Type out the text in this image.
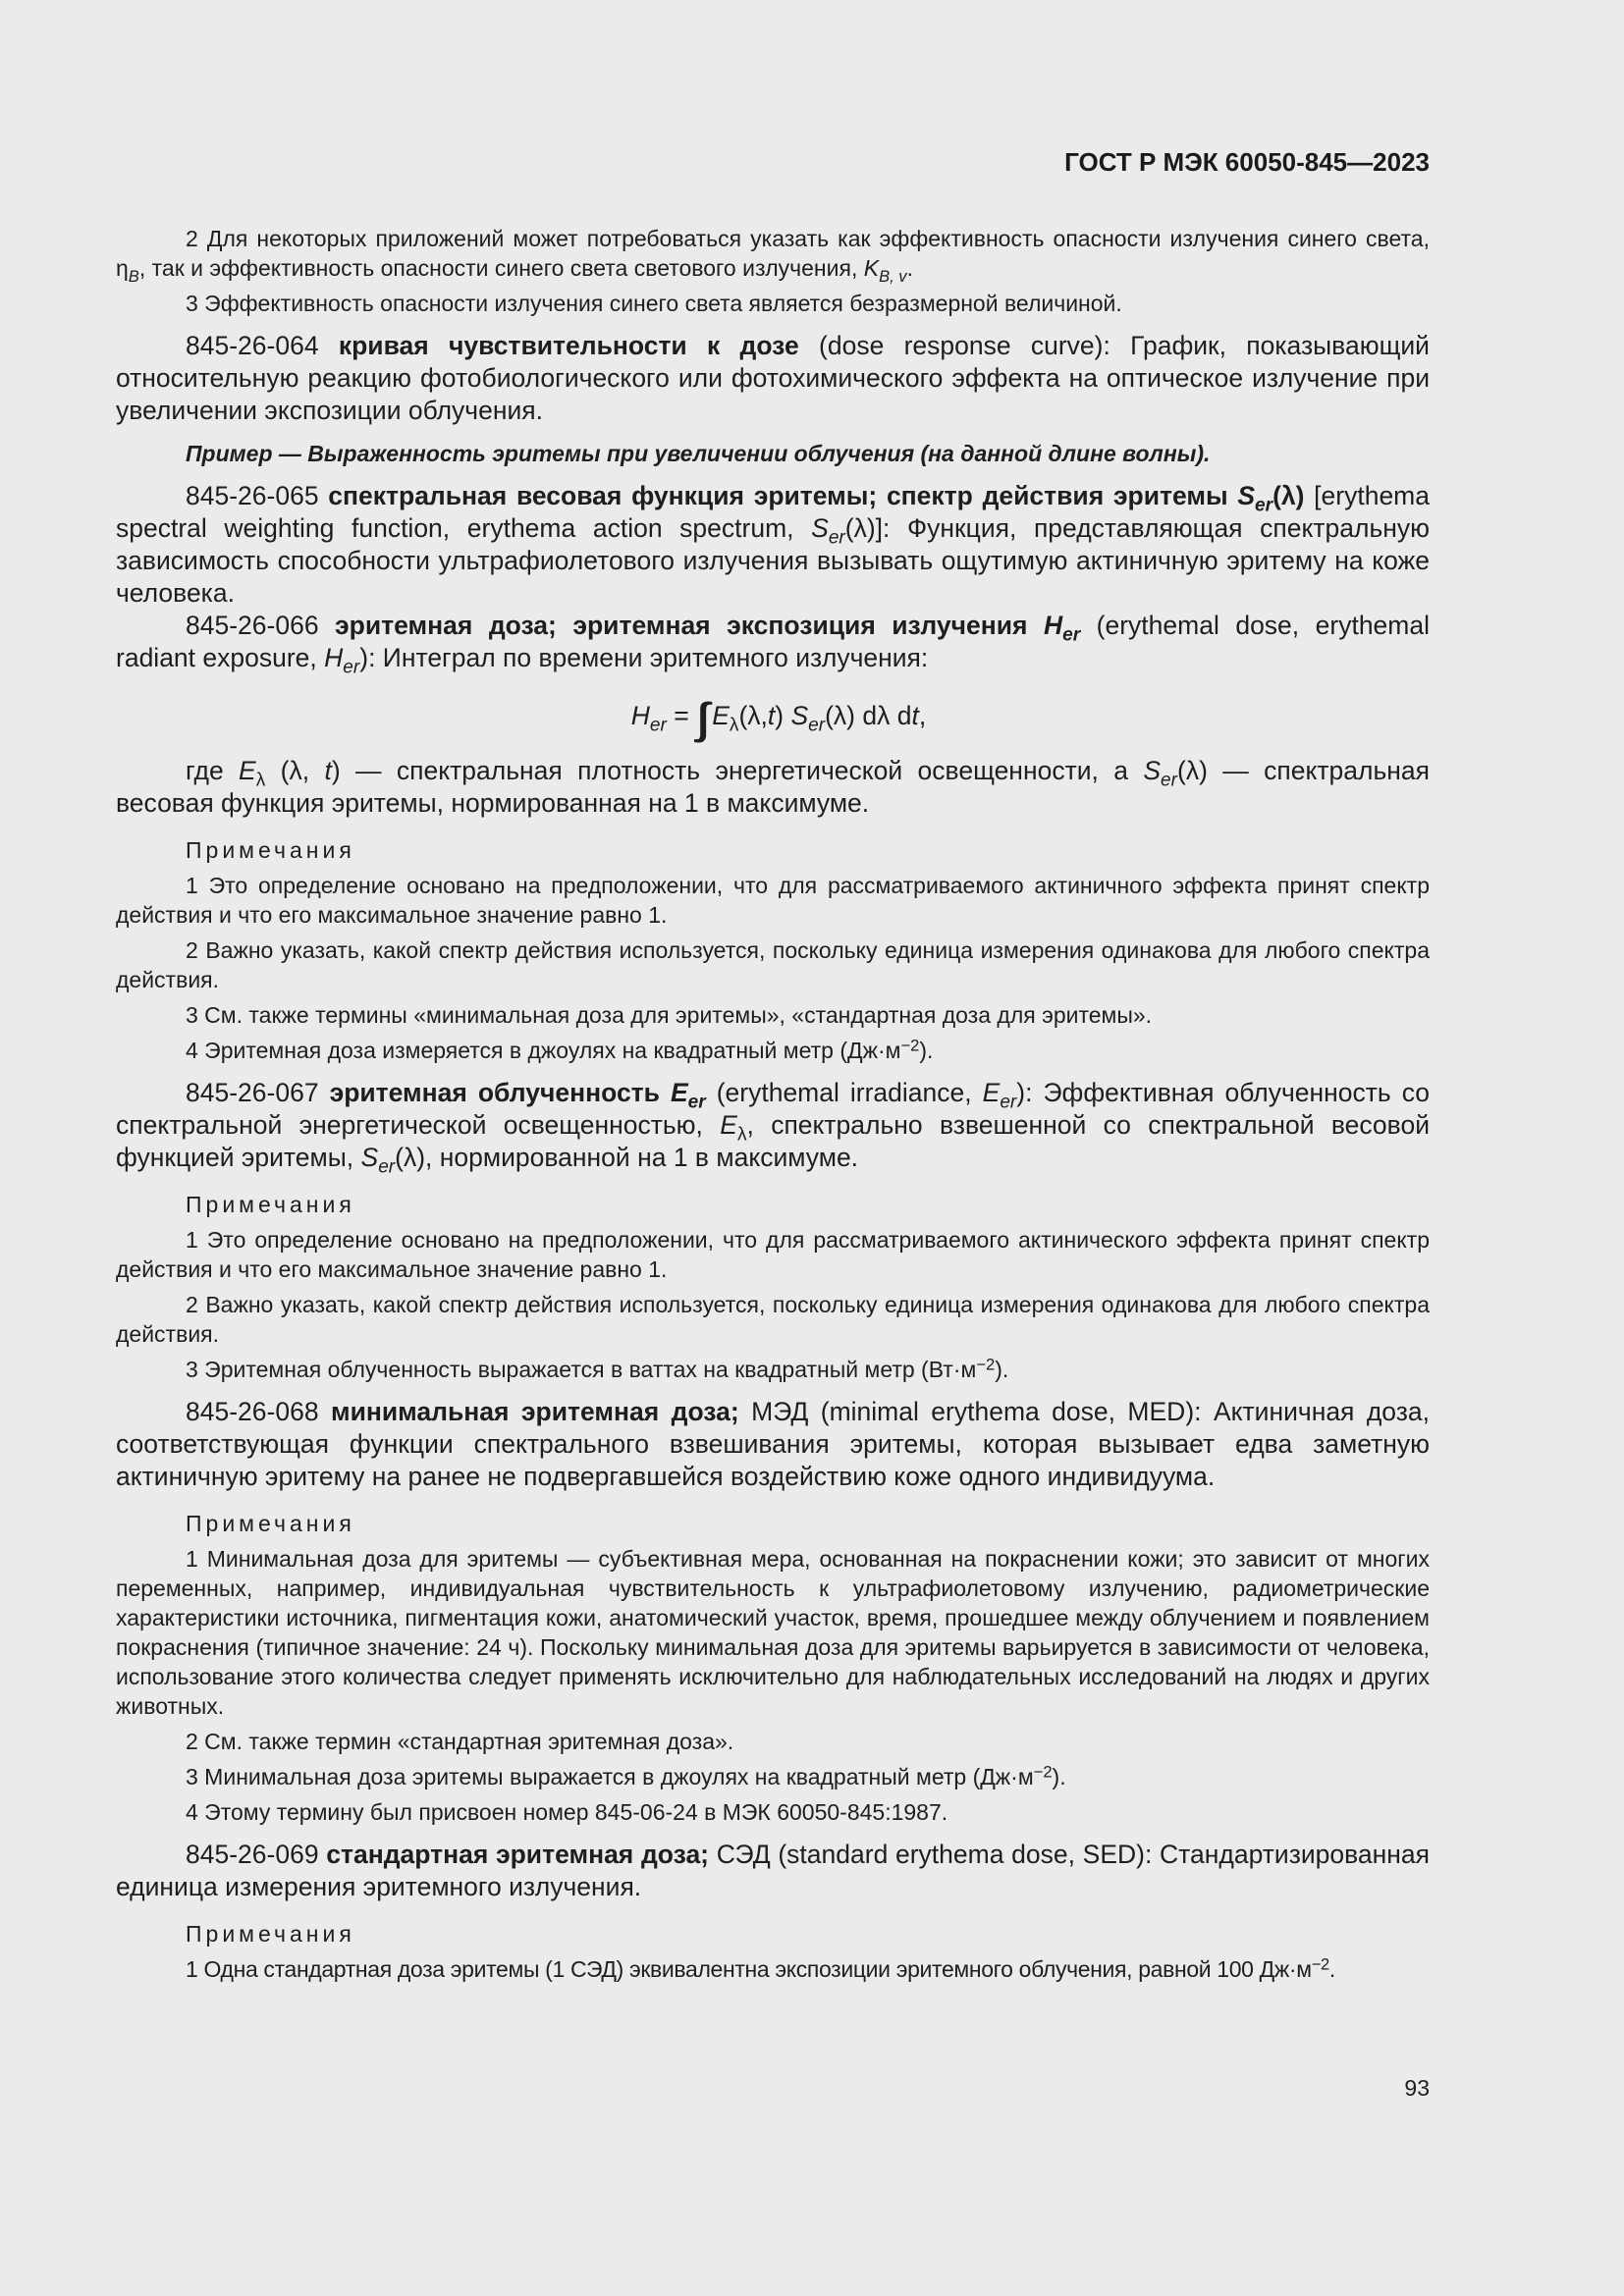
ГОСТ Р МЭК 60050-845—2023

2 Для некоторых приложений может потребоваться указать как эффективность опасности излучения синего света, $\eta_B$, так и эффективность опасности синего света светового излучения, $K_{B, v}$.

3 Эффективность опасности излучения синего света является безразмерной величиной.

845-26-064 кривая чувствительности к дозе (dose response curve): График, показывающий относительную реакцию фотобиологического или фотохимического эффекта на оптическое излучение при увеличении экспозиции облучения.

Пример — Выраженность эритемы при увеличении облучения (на данной длине волны).

845-26-065 спектральная весовая функция эритемы; спектр действия эритемы $S_{er}(\lambda)$ [erythema spectral weighting function, erythema action spectrum, $S_{er}(\lambda)$]: Функция, представляющая спектральную зависимость способности ультрафиолетового излучения вызывать ощутимую актиничную эритему на коже человека.

845-26-066 эритемная доза; эритемная экспозиция излучения $H_{er}$ (erythemal dose, erythemal radiant exposure, $H_{er}$): Интеграл по времени эритемного излучения:

$H_{er}$ = ∫∫ $E_\lambda(\lambda,t)$ $S_{er}(\lambda)$ dλ dt,

где $E_\lambda$ (λ, t) — спектральная плотность энергетической освещенности, а $S_{er}(\lambda)$ — спектральная весовая функция эритемы, нормированная на 1 в максимуме.

Примечания

1 Это определение основано на предположении, что для рассматриваемого актиничного эффекта принят спектр действия и что его максимальное значение равно 1.

2 Важно указать, какой спектр действия используется, поскольку единица измерения одинакова для любого спектра действия.

3 См. также термины «минимальная доза для эритемы», «стандартная доза для эритемы».

4 Эритемная доза измеряется в джоулях на квадратный метр $(Дж\cdot м^{-2})$.

845-26-067 эритемная облученность $E_{er}$ (erythemal irradiance, $E_{er}$): Эффективная облученность со спектральной энергетической освещенностью, $E_\lambda$, спектрально взвешенной со спектральной весовой функцией эритемы, $S_{er}(\lambda)$, нормированной на 1 в максимуме.

Примечания

1 Это определение основано на предположении, что для рассматриваемого актинического эффекта принят спектр действия и что его максимальное значение равно 1.

2 Важно указать, какой спектр действия используется, поскольку единица измерения одинакова для любого спектра действия.

3 Эритемная облученность выражается в ваттах на квадратный метр $(Вт\cdot м^{-2})$.

845-26-068 минимальная эритемная доза; МЭД (minimal erythema dose, MED): Актиничная доза, соответствующая функции спектрального взвешивания эритемы, которая вызывает едва заметную актиничную эритему на ранее не подвергавшейся воздействию коже одного индивидуума.

Примечания

1 Минимальная доза для эритемы — субъективная мера, основанная на покраснении кожи; это зависит от многих переменных, например, индивидуальная чувствительность к ультрафиолетовому излучению, радиометрические характеристики источника, пигментация кожи, анатомический участок, время, прошедшее между облучением и появлением покраснения (типичное значение: 24 ч). Поскольку минимальная доза для эритемы варьируется в зависимости от человека, использование этого количества следует применять исключительно для наблюдательных исследований на людях и других животных.

2 См. также термин «стандартная эритемная доза».

3 Минимальная доза эритемы выражается в джоулях на квадратный метр $(Дж\cdot м^{-2})$.

4 Этому термину был присвоен номер 845-06-24 в МЭК 60050-845:1987.

845-26-069 стандартная эритемная доза; СЭД (standard erythema dose, SED): Стандартизированная единица измерения эритемного излучения.

Примечания

1 Одна стандартная доза эритемы (1 СЭД) эквивалентна экспозиции эритемного облучения, равной 100 $Дж\cdot м^{-2}$.

93
